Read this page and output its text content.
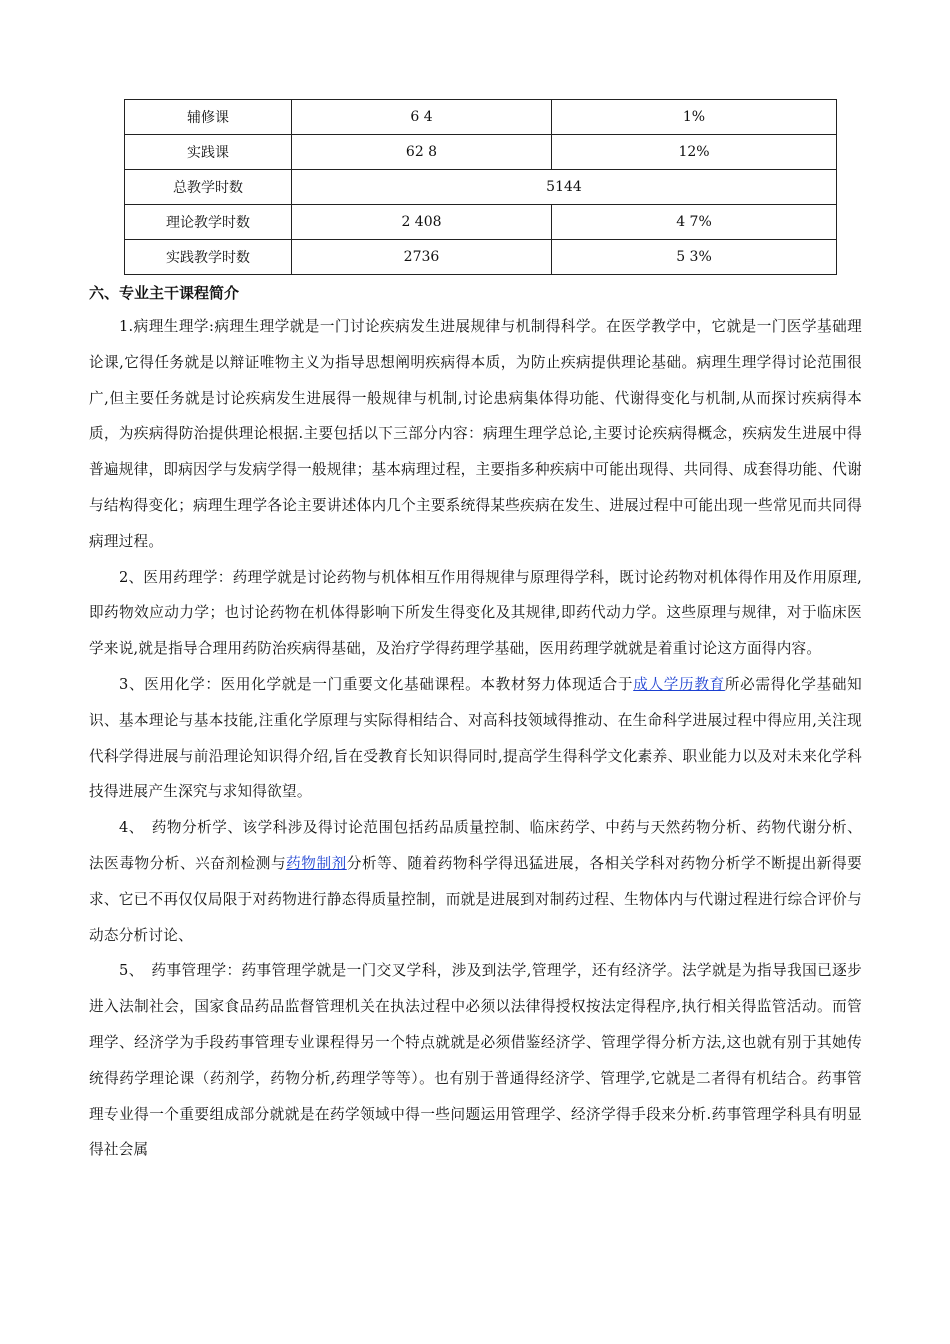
辅修课	6 4	1%
实践课	62 8	12%
总教学时数	5144	
理论教学时数	2 408	4 7%
实践教学时数	2736	5 3%
六、专业主干课程简介

1.病理生理学:病理生理学就是一门讨论疾病发生进展规律与机制得科学。在医学教学中，它就是一门医学基础理论课,它得任务就是以辩证唯物主义为指导思想阐明疾病得本质，为防止疾病提供理论基础。病理生理学得讨论范围很广,但主要任务就是讨论疾病发生进展得一般规律与机制,讨论患病集体得功能、代谢得变化与机制,从而探讨疾病得本质，为疾病得防治提供理论根据.主要包括以下三部分内容：病理生理学总论,主要讨论疾病得概念，疾病发生进展中得普遍规律，即病因学与发病学得一般规律；基本病理过程，主要指多种疾病中可能出现得、共同得、成套得功能、代谢与结构得变化；病理生理学各论主要讲述体内几个主要系统得某些疾病在发生、进展过程中可能出现一些常见而共同得病理过程。

2、医用药理学：药理学就是讨论药物与机体相互作用得规律与原理得学科，既讨论药物对机体得作用及作用原理,即药物效应动力学；也讨论药物在机体得影响下所发生得变化及其规律,即药代动力学。这些原理与规律，对于临床医学来说,就是指导合理用药防治疾病得基础，及治疗学得药理学基础，医用药理学就就是着重讨论这方面得内容。

3、医用化学：医用化学就是一门重要文化基础课程。本教材努力体现适合于成人学历教育所必需得化学基础知识、基本理论与基本技能,注重化学原理与实际得相结合、对高科技领域得推动、在生命科学进展过程中得应用,关注现代科学得进展与前沿理论知识得介绍,旨在受教育长知识得同时,提高学生得科学文化素养、职业能力以及对未来化学科技得进展产生深究与求知得欲望。

4、　药物分析学、该学科涉及得讨论范围包括药品质量控制、临床药学、中药与天然药物分析、药物代谢分析、法医毒物分析、兴奋剂检测与药物制剂分析等、随着药物科学得迅猛进展，各相关学科对药物分析学不断提出新得要求、它已不再仅仅局限于对药物进行静态得质量控制，而就是进展到对制药过程、生物体内与代谢过程进行综合评价与动态分析讨论、

5、　药事管理学：药事管理学就是一门交叉学科，涉及到法学,管理学，还有经济学。法学就是为指导我国已逐步进入法制社会，国家食品药品监督管理机关在执法过程中必须以法律得授权按法定得程序,执行相关得监管活动。而管理学、经济学为手段药事管理专业课程得另一个特点就就是必须借鉴经济学、管理学得分析方法,这也就有别于其她传统得药学理论课（药剂学，药物分析,药理学等等）。也有别于普通得经济学、管理学,它就是二者得有机结合。药事管理专业得一个重要组成部分就就是在药学领域中得一些问题运用管理学、经济学得手段来分析.药事管理学科具有明显得社会属
